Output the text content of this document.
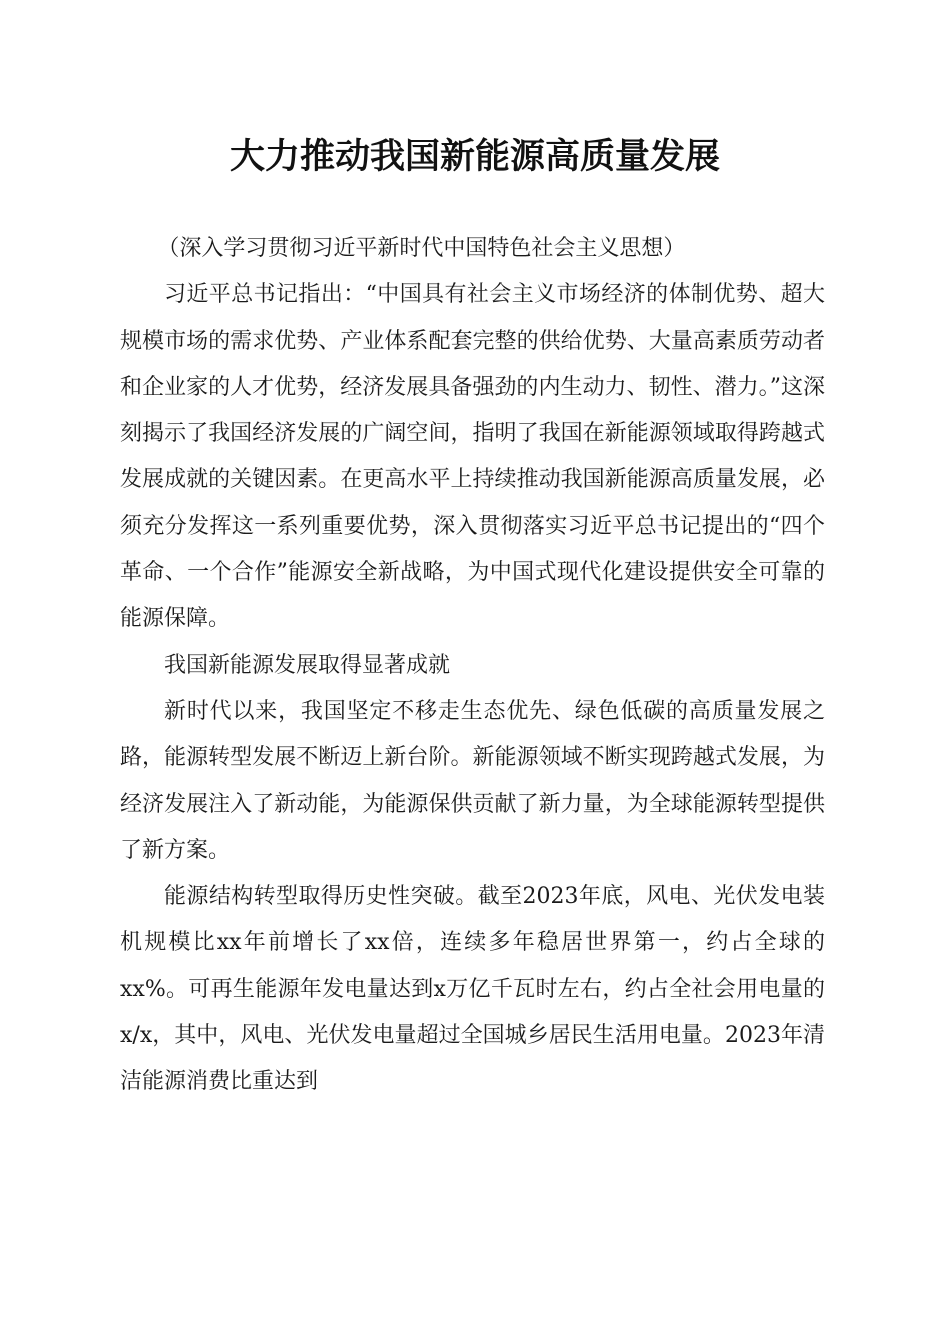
大力推动我国新能源高质量发展

（深入学习贯彻习近平新时代中国特色社会主义思想）

习近平总书记指出：“中国具有社会主义市场经济的体制优势、超大规模市场的需求优势、产业体系配套完整的供给优势、大量高素质劳动者和企业家的人才优势，经济发展具备强劲的内生动力、韧性、潜力。”这深刻揭示了我国经济发展的广阔空间，指明了我国在新能源领域取得跨越式发展成就的关键因素。在更高水平上持续推动我国新能源高质量发展，必须充分发挥这一系列重要优势，深入贯彻落实习近平总书记提出的“四个革命、一个合作”能源安全新战略，为中国式现代化建设提供安全可靠的能源保障。

我国新能源发展取得显著成就

新时代以来，我国坚定不移走生态优先、绿色低碳的高质量发展之路，能源转型发展不断迈上新台阶。新能源领域不断实现跨越式发展，为经济发展注入了新动能，为能源保供贡献了新力量，为全球能源转型提供了新方案。

能源结构转型取得历史性突破。截至2023年底，风电、光伏发电装机规模比xx年前增长了xx倍，连续多年稳居世界第一，约占全球的xx%。可再生能源年发电量达到x万亿千瓦时左右，约占全社会用电量的x/x，其中，风电、光伏发电量超过全国城乡居民生活用电量。2023年清洁能源消费比重达到
